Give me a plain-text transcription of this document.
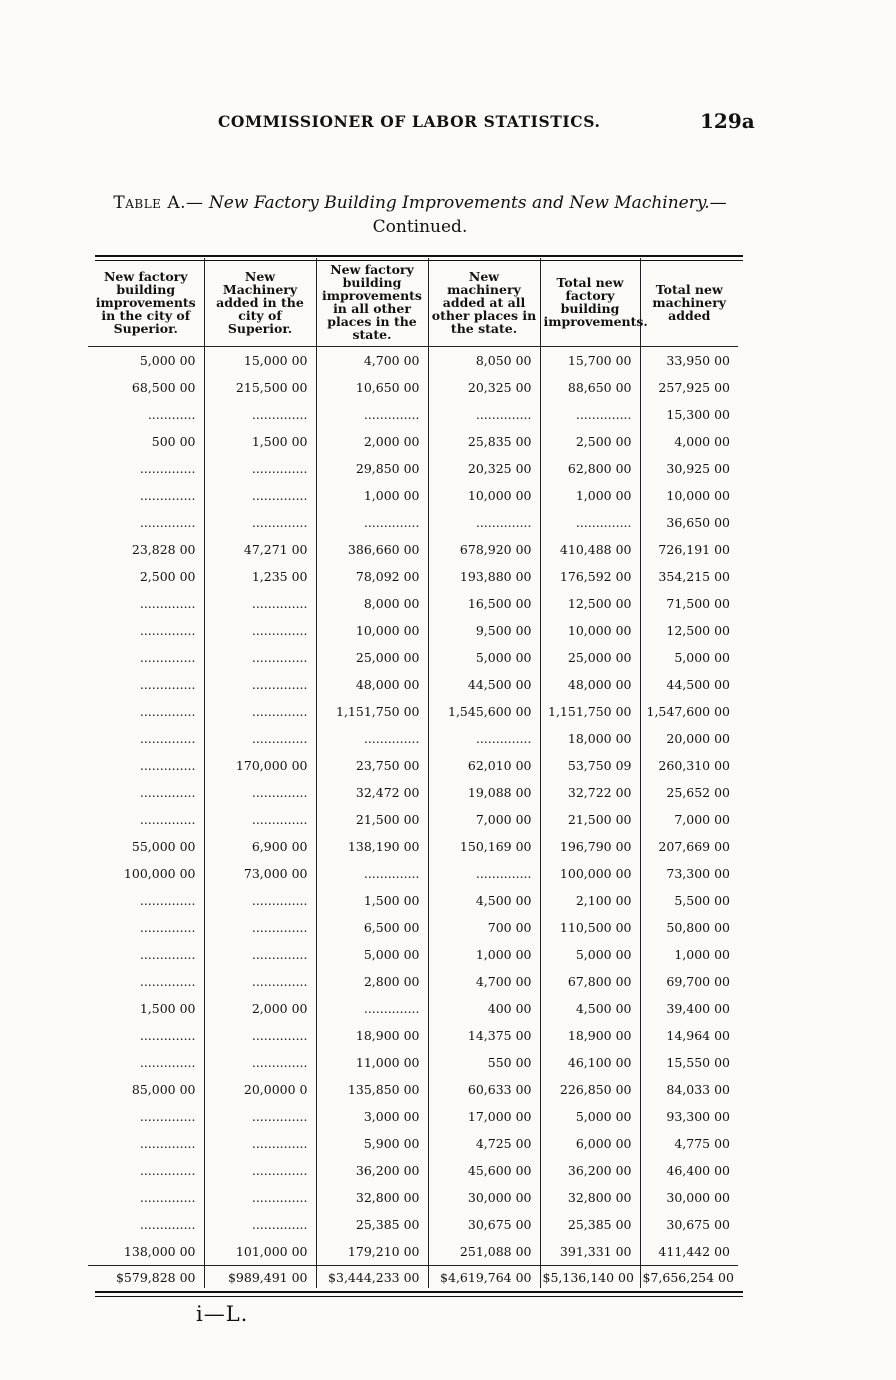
COMMISSIONER OF LABOR STATISTICS.	129a
Table A.— New Factory Building Improvements and New Machinery.—
Continued.
New factory building improvements in the city of Superior.	New Machinery added in the city of Superior.	New factory building improvements in all other places in the state.	New machinery added at all other places in the state.	Total new factory building improvements.	Total new machinery added
5,000 00	15,000 00	4,700 00	8,050 00	15,700 00	33,950 00
68,500 00	215,500 00	10,650 00	20,325 00	88,650 00	257,925 00
............	..............	..............	..............	..............	15,300 00
500 00	1,500 00	2,000 00	25,835 00	2,500 00	4,000 00
..............	..............	29,850 00	20,325 00	62,800 00	30,925 00
..............	..............	1,000 00	10,000 00	1,000 00	10,000 00
..............	..............	..............	..............	..............	36,650 00
23,828 00	47,271 00	386,660 00	678,920 00	410,488 00	726,191 00
2,500 00	1,235 00	78,092 00	193,880 00	176,592 00	354,215 00
..............	..............	8,000 00	16,500 00	12,500 00	71,500 00
..............	..............	10,000 00	9,500 00	10,000 00	12,500 00
..............	..............	25,000 00	5,000 00	25,000 00	5,000 00
..............	..............	48,000 00	44,500 00	48,000 00	44,500 00
..............	..............	1,151,750 00	1,545,600 00	1,151,750 00	1,547,600 00
..............	..............	..............	..............	18,000 00	20,000 00
..............	170,000 00	23,750 00	62,010 00	53,750 09	260,310 00
..............	..............	32,472 00	19,088 00	32,722 00	25,652 00
..............	..............	21,500 00	7,000 00	21,500 00	7,000 00
55,000 00	6,900 00	138,190 00	150,169 00	196,790 00	207,669 00
100,000 00	73,000 00	..............	..............	100,000 00	73,300 00
..............	..............	1,500 00	4,500 00	2,100 00	5,500 00
..............	..............	6,500 00	700 00	110,500 00	50,800 00
..............	..............	5,000 00	1,000 00	5,000 00	1,000 00
..............	..............	2,800 00	4,700 00	67,800 00	69,700 00
1,500 00	2,000 00	..............	400 00	4,500 00	39,400 00
..............	..............	18,900 00	14,375 00	18,900 00	14,964 00
..............	..............	11,000 00	550 00	46,100 00	15,550 00
85,000 00	20,0000 0	135,850 00	60,633 00	226,850 00	84,033 00
..............	..............	3,000 00	17,000 00	5,000 00	93,300 00
..............	..............	5,900 00	4,725 00	6,000 00	4,775 00
..............	..............	36,200 00	45,600 00	36,200 00	46,400 00
..............	..............	32,800 00	30,000 00	32,800 00	30,000 00
..............	..............	25,385 00	30,675 00	25,385 00	30,675 00
138,000 00	101,000 00	179,210 00	251,088 00	391,331 00	411,442 00
$579,828 00	$989,491 00	$3,444,233 00	$4,619,764 00	$5,136,140 00	$7,656,254 00
i—L.
